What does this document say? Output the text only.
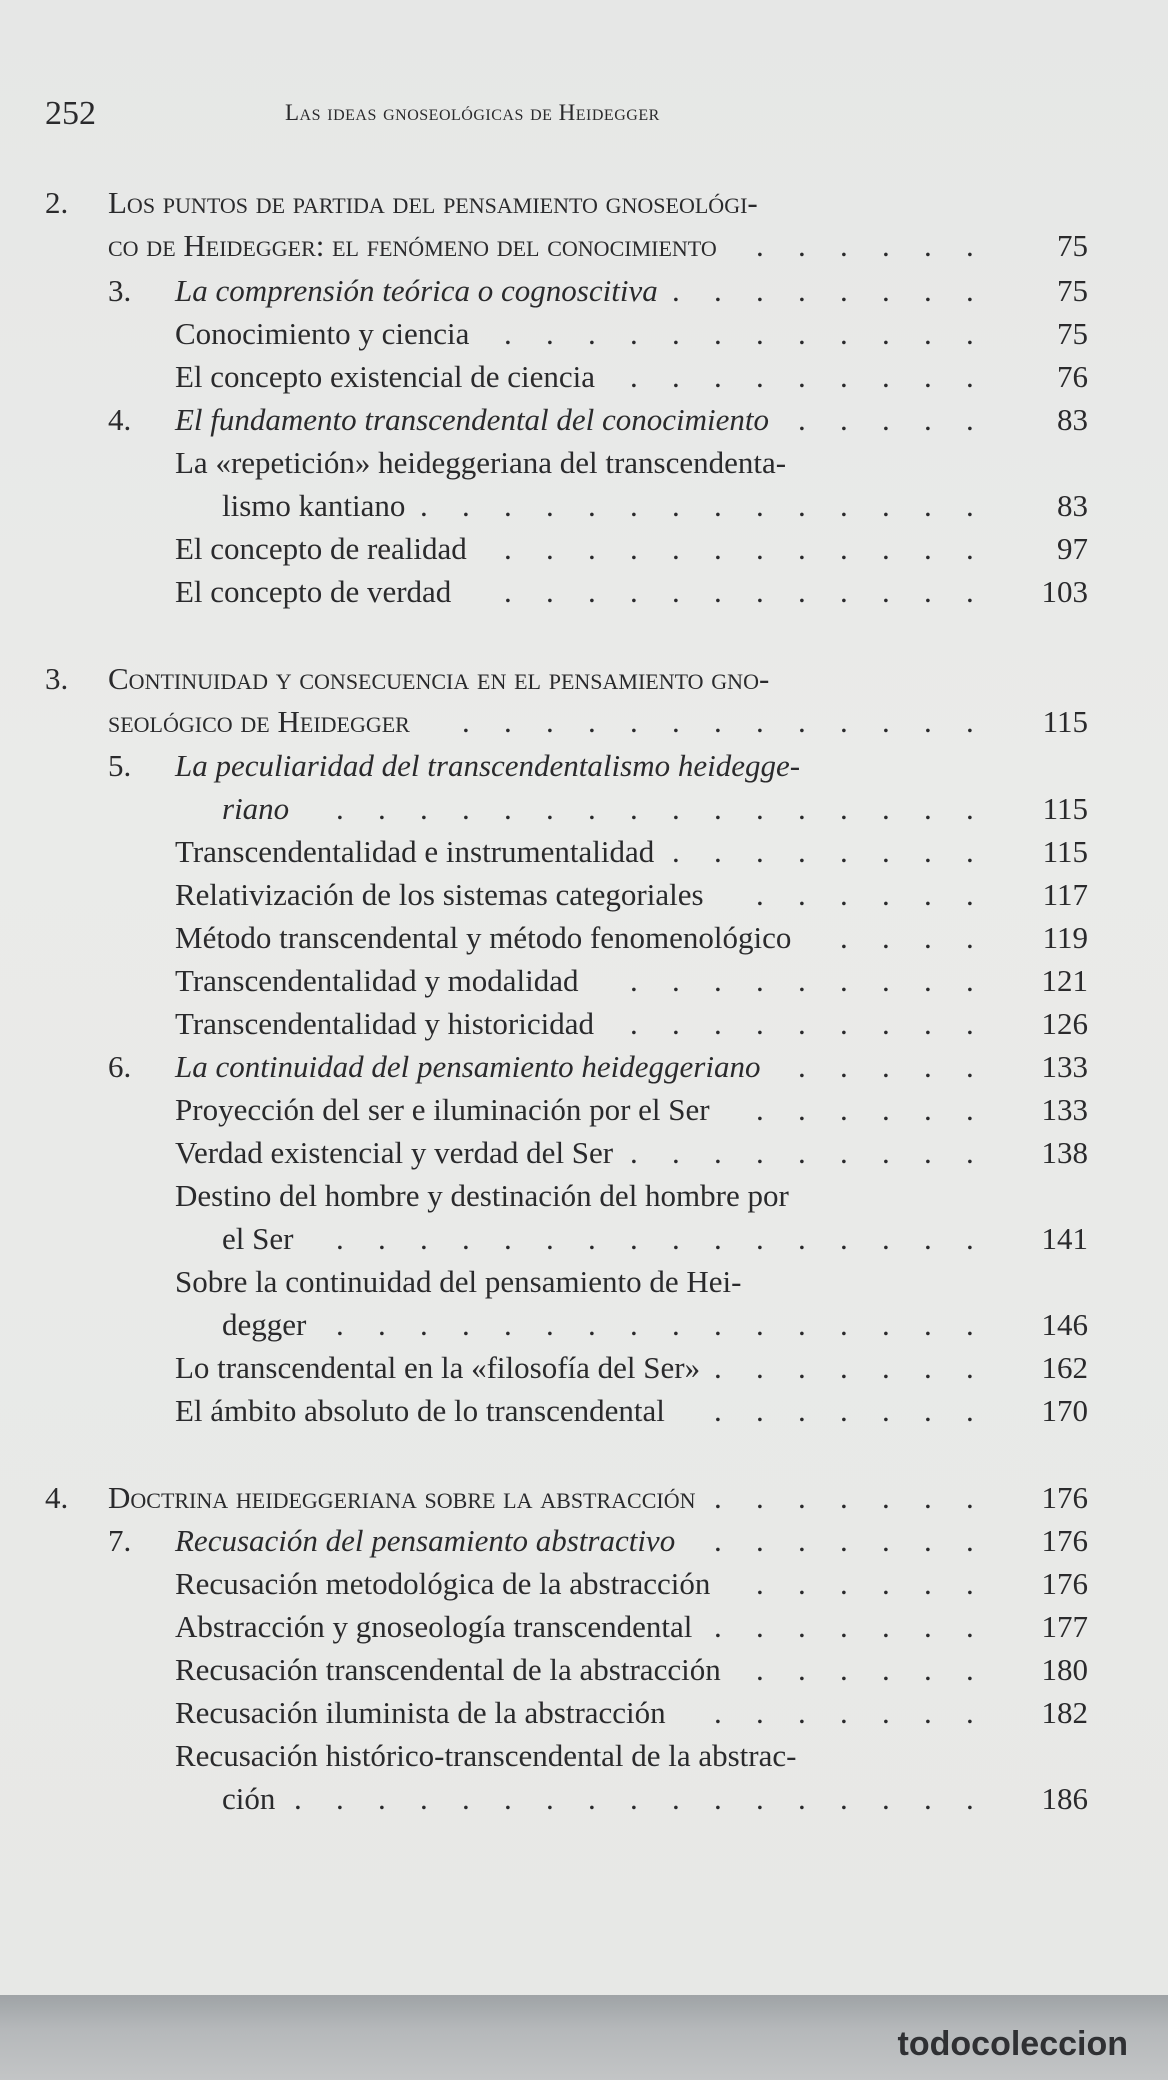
252	Las ideas gnoseológicas de Heidegger
2. Los puntos de partida del pensamiento gnoseológi-
co de Heidegger: el fenómeno del conocimiento . . . . . .	75
3. La comprensión teórica o cognoscitiva . . . . . . . .	75
Conocimiento y ciencia . . . . . . . . . . . .	75
El concepto existencial de ciencia . . . . . . . . .	76
4. El fundamento transcendental del conocimiento . . . . .	83
La «repetición» heideggeriana del transcendenta-
lismo kantiano . . . . . . . . . . . . . .	83
El concepto de realidad . . . . . . . . . . . .	97
El concepto de verdad . . . . . . . . . . . .	103
3. Continuidad y consecuencia en el pensamiento gno-
seológico de Heidegger . . . . . . . . . . . . .	115
5. La peculiaridad del transcendentalismo heidegge-
riano . . . . . . . . . . . . . . . .	115
Transcendentalidad e instrumentalidad . . . . . . . .	115
Relativización de los sistemas categoriales . . . . . .	117
Método transcendental y método fenomenológico . . . .	119
Transcendentalidad y modalidad . . . . . . . . .	121
Transcendentalidad y historicidad . . . . . . . . .	126
6. La continuidad del pensamiento heideggeriano . . . . .	133
Proyección del ser e iluminación por el Ser . . . . . .	133
Verdad existencial y verdad del Ser . . . . . . . . .	138
Destino del hombre y destinación del hombre por
el Ser . . . . . . . . . . . . . . . .	141
Sobre la continuidad del pensamiento de Hei-
degger . . . . . . . . . . . . . . . .	146
Lo transcendental en la «filosofía del Ser» . . . . . . .	162
El ámbito absoluto de lo transcendental . . . . . . .	170
4. Doctrina heideggeriana sobre la abstracción . . . . . . .	176
7. Recusación del pensamiento abstractivo . . . . . . .	176
Recusación metodológica de la abstracción . . . . . .	176
Abstracción y gnoseología transcendental . . . . . . .	177
Recusación transcendental de la abstracción . . . . . .	180
Recusación iluminista de la abstracción . . . . . . .	182
Recusación histórico-transcendental de la abstrac-
ción . . . . . . . . . . . . . . . . .	186
todocoleccion
